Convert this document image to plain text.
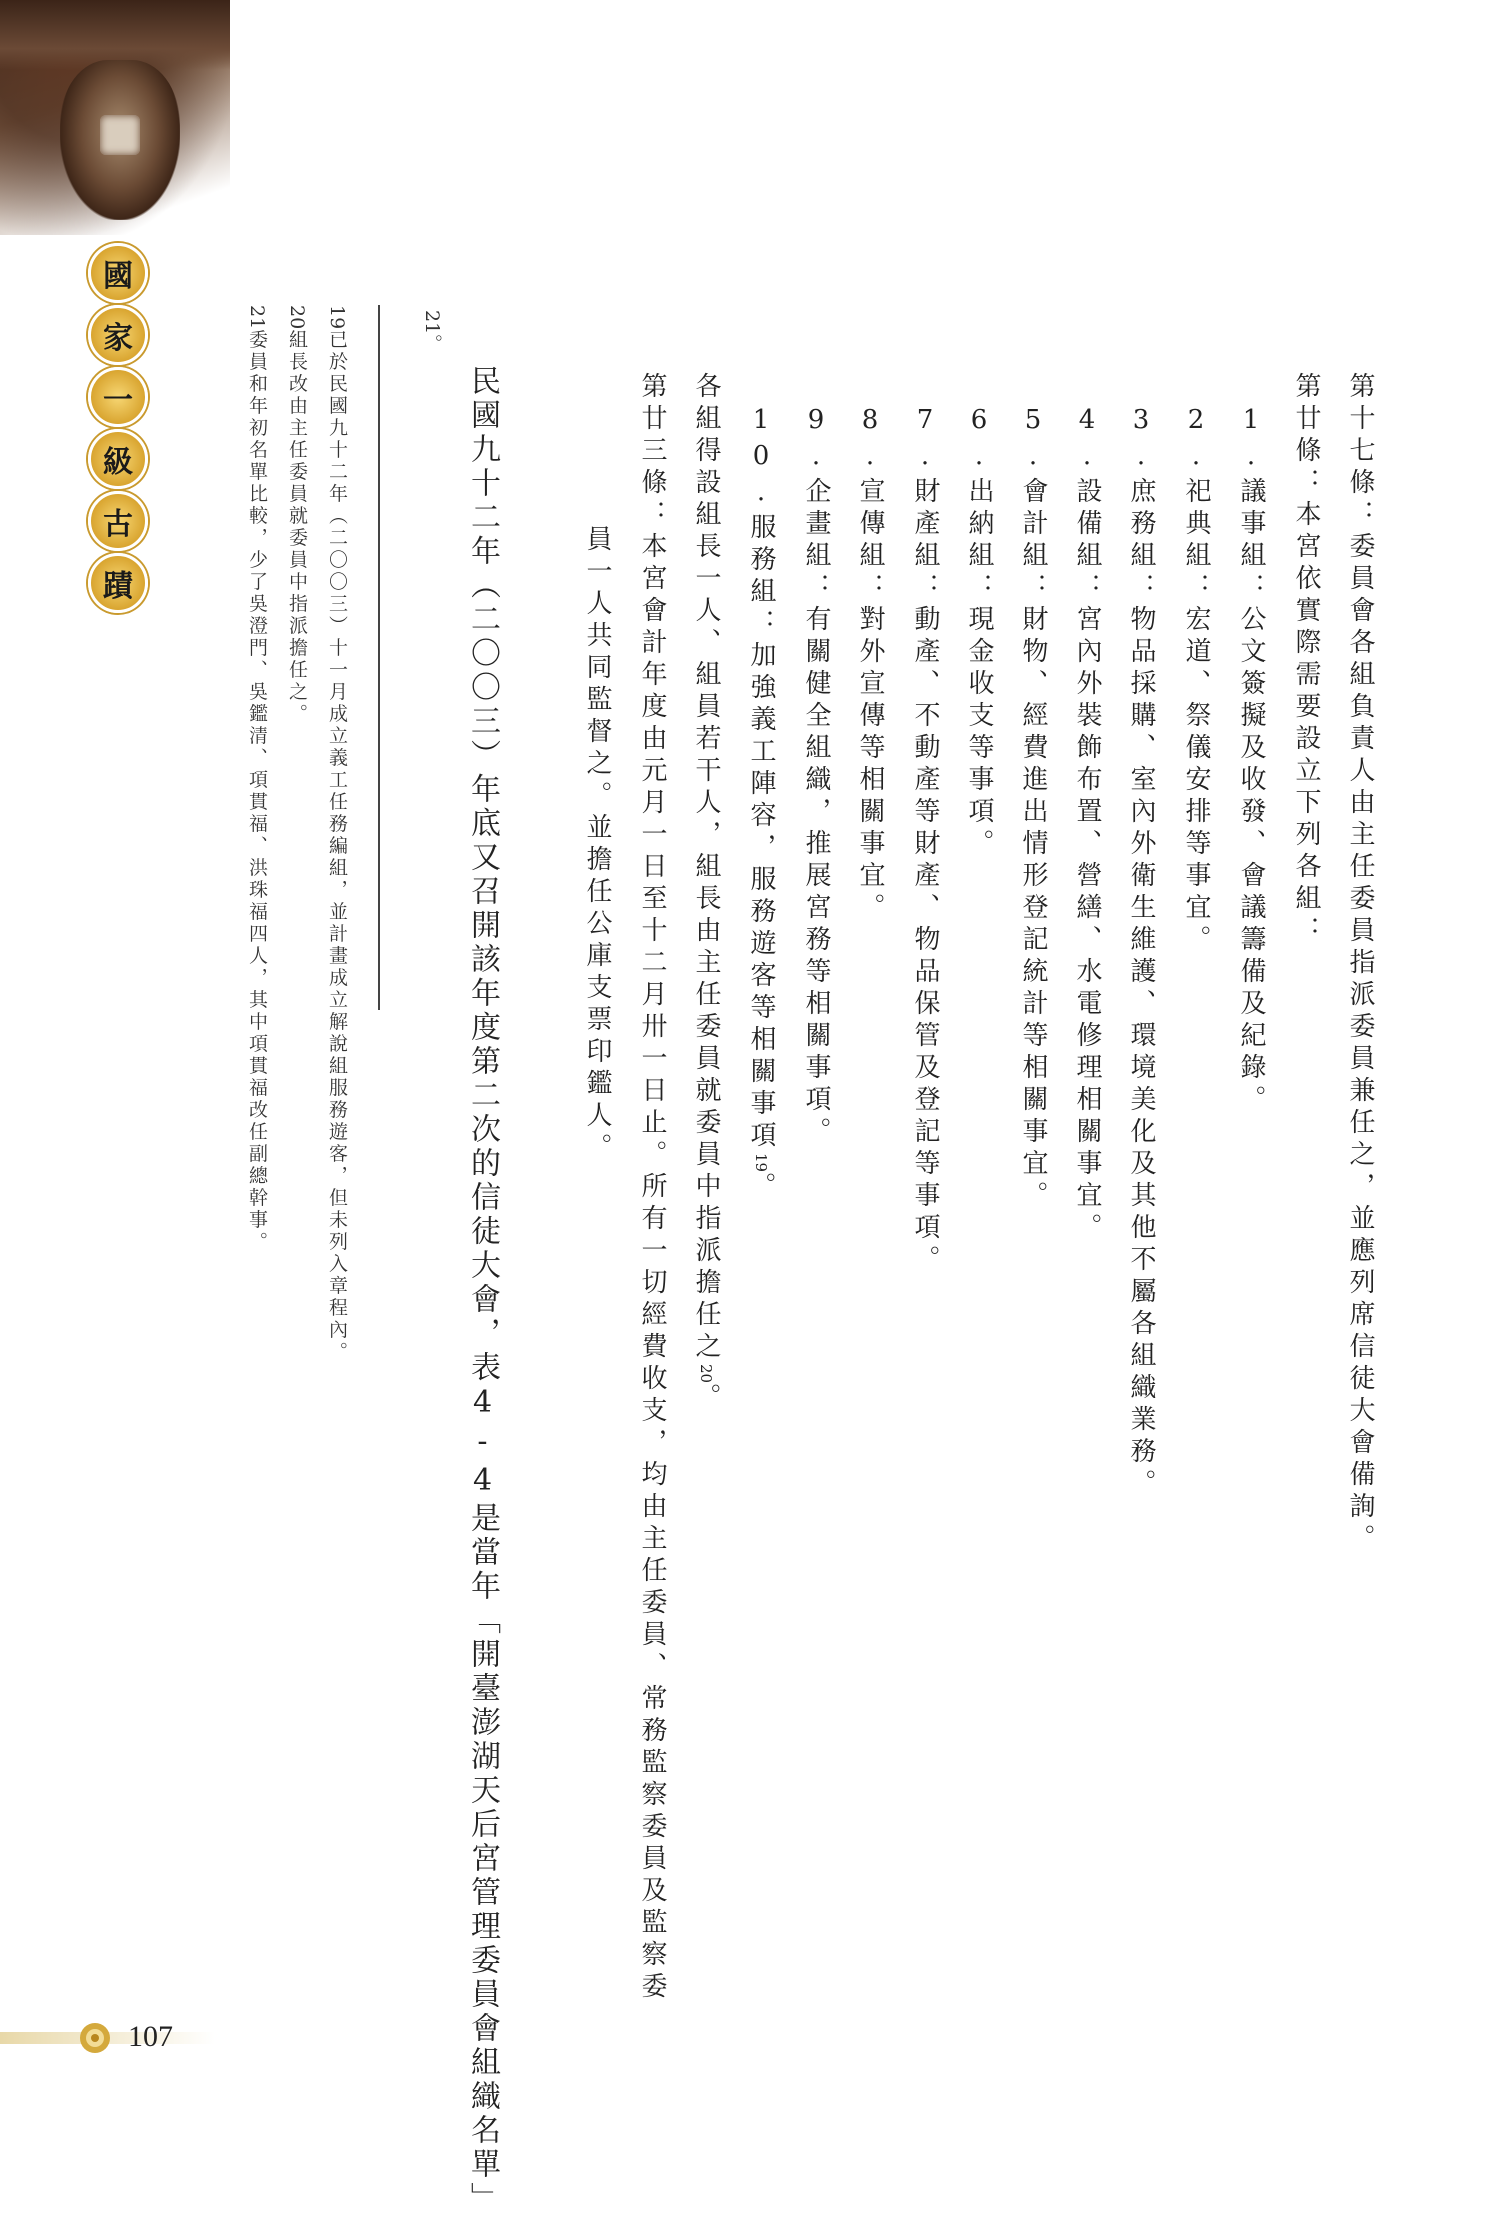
國
家
一
級
古
蹟	第十七條：委員會各組負責人由主任委員指派委員兼任之，並應列席信徒大會備詢。
第廿條：本宮依實際需要設立下列各組：
1.議事組：公文簽擬及收發、會議籌備及紀錄。
2.祀典組：宏道、祭儀安排等事宜。
3.庶務組：物品採購、室內外衛生維護、環境美化及其他不屬各組織業務。
4.設備組：宮內外裝飾布置、營繕、水電修理相關事宜。
5.會計組：財物、經費進出情形登記統計等相關事宜。
6.出納組：現金收支等事項。
7.財產組：動產、不動產等財產、物品保管及登記等事項。
8.宣傳組：對外宣傳等相關事宜。
9.企畫組：有關健全組織，推展宮務等相關事項。
10.服務組：加強義工陣容，服務遊客等相關事項19。
各組得設組長一人、組員若干人，組長由主任委員就委員中指派擔任之20。
第廿三條：本宮會計年度由元月一日至十二月卅一日止。所有一切經費收支，均由主任委員、常務監察委員及監察委
員一人共同監督之。並擔任公庫支票印鑑人。
民國九十二年（二〇〇三）年底又召開該年度第二次的信徒大會，表4-4是當年「開臺澎湖天后宮管理委員會組織名單」
21
。
19已於民國九十二年（二〇〇三）十一月成立義工任務編組，並計畫成立解說組服務遊客，但未列入章程內。
20組長改由主任委員就委員中指派擔任之。
21委員和年初名單比較，少了吳澄門、吳鑑清、項貫福、洪珠福四人，其中項貫福改任副總幹事。
107
